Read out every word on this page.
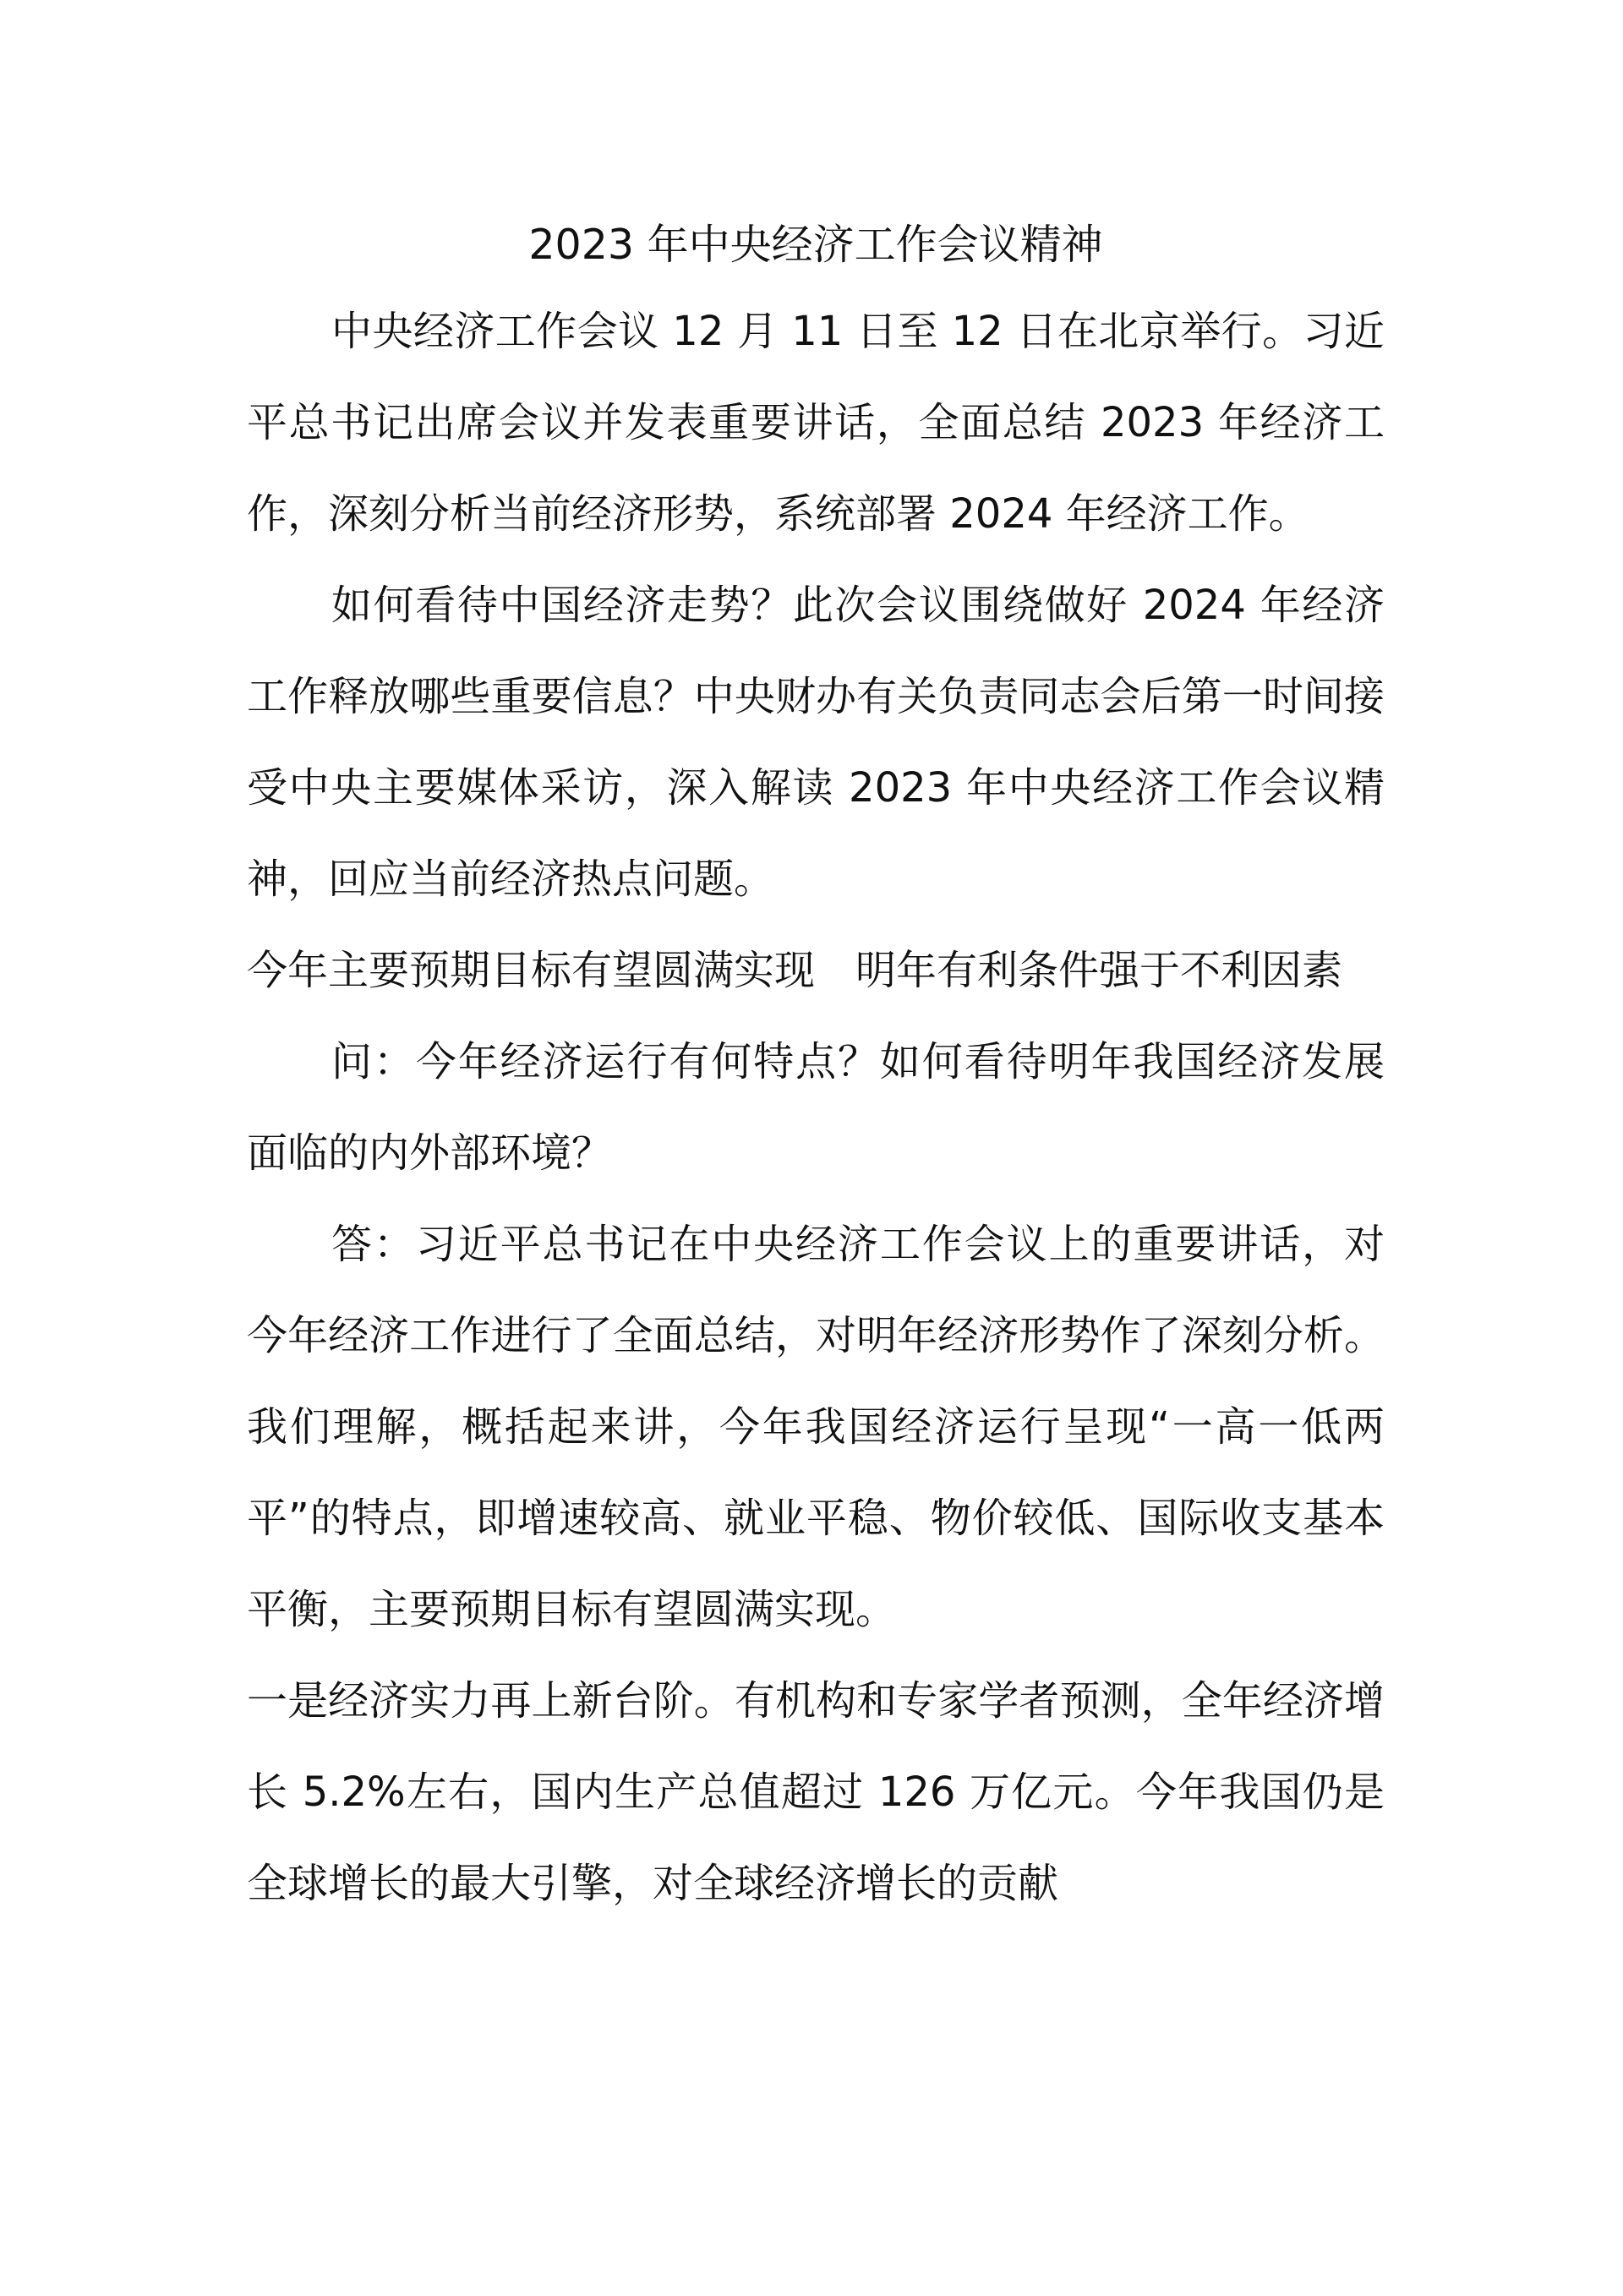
2023 年中央经济工作会议精神

中央经济工作会议 12 月 11 日至 12 日在北京举行。习近平总书记出席会议并发表重要讲话，全面总结 2023 年经济工作，深刻分析当前经济形势，系统部署 2024 年经济工作。

如何看待中国经济走势？此次会议围绕做好 2024 年经济工作释放哪些重要信息？中央财办有关负责同志会后第一时间接受中央主要媒体采访，深入解读 2023 年中央经济工作会议精神，回应当前经济热点问题。

今年主要预期目标有望圆满实现　明年有利条件强于不利因素

问：今年经济运行有何特点？如何看待明年我国经济发展面临的内外部环境？

答：习近平总书记在中央经济工作会议上的重要讲话，对今年经济工作进行了全面总结，对明年经济形势作了深刻分析。我们理解，概括起来讲，今年我国经济运行呈现“一高一低两平”的特点，即增速较高、就业平稳、物价较低、国际收支基本平衡，主要预期目标有望圆满实现。

一是经济实力再上新台阶。有机构和专家学者预测，全年经济增长 5.2%左右，国内生产总值超过 126 万亿元。今年我国仍是全球增长的最大引擎，对全球经济增长的贡献
